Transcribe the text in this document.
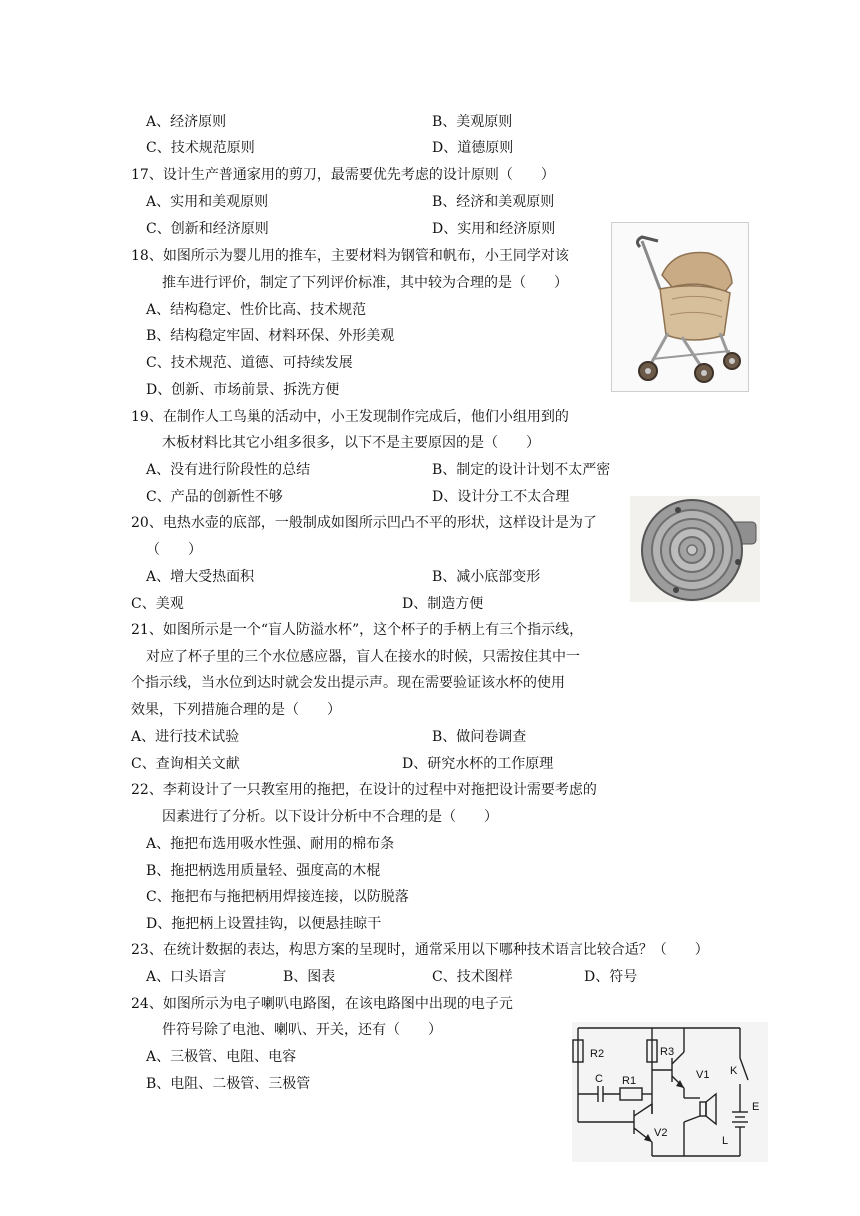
A、经济原则	B、美观原则
C、技术规范原则	D、道德原则
17、设计生产普通家用的剪刀，最需要优先考虑的设计原则（　　）
A、实用和美观原则	B、经济和美观原则
C、创新和经济原则	D、实用和经济原则
18、如图所示为婴儿用的推车，主要材料为钢管和帆布，小王同学对该
推车进行评价，制定了下列评价标准，其中较为合理的是（　　）
A、结构稳定、性价比高、技术规范
B、结构稳定牢固、材料环保、外形美观
C、技术规范、道德、可持续发展
D、创新、市场前景、拆洗方便
19、在制作人工鸟巢的活动中，小王发现制作完成后，他们小组用到的
木板材料比其它小组多很多，以下不是主要原因的是（　　）
A、没有进行阶段性的总结	B、制定的设计计划不太严密
C、产品的创新性不够	D、设计分工不太合理
20、电热水壶的底部，一般制成如图所示凹凸不平的形状，这样设计是为了
（　　）
A、增大受热面积	B、减小底部变形
C、美观	D、制造方便
21、如图所示是一个“盲人防溢水杯”，这个杯子的手柄上有三个指示线，
对应了杯子里的三个水位感应器，盲人在接水的时候，只需按住其中一
个指示线，当水位到达时就会发出提示声。现在需要验证该水杯的使用
效果，下列措施合理的是（　　）
A、进行技术试验	B、做问卷调查
C、查询相关文献	D、研究水杯的工作原理
22、李莉设计了一只教室用的拖把，在设计的过程中对拖把设计需要考虑的
因素进行了分析。以下设计分析中不合理的是（　　）
A、拖把布选用吸水性强、耐用的棉布条
B、拖把柄选用质量轻、强度高的木棍
C、拖把布与拖把柄用焊接连接，以防脱落
D、拖把柄上设置挂钩，以便悬挂晾干
23、在统计数据的表达，构思方案的呈现时，通常采用以下哪种技术语言比较合适？（　　）
A、口头语言	B、图表	C、技术图样	D、符号
24、如图所示为电子喇叭电路图，在该电路图中出现的电子元
件符号除了电池、喇叭、开关，还有（　　）
A、三极管、电阻、电容
B、电阻、二极管、三极管
R2	R3
C R1	V1
V2
K
L
E
